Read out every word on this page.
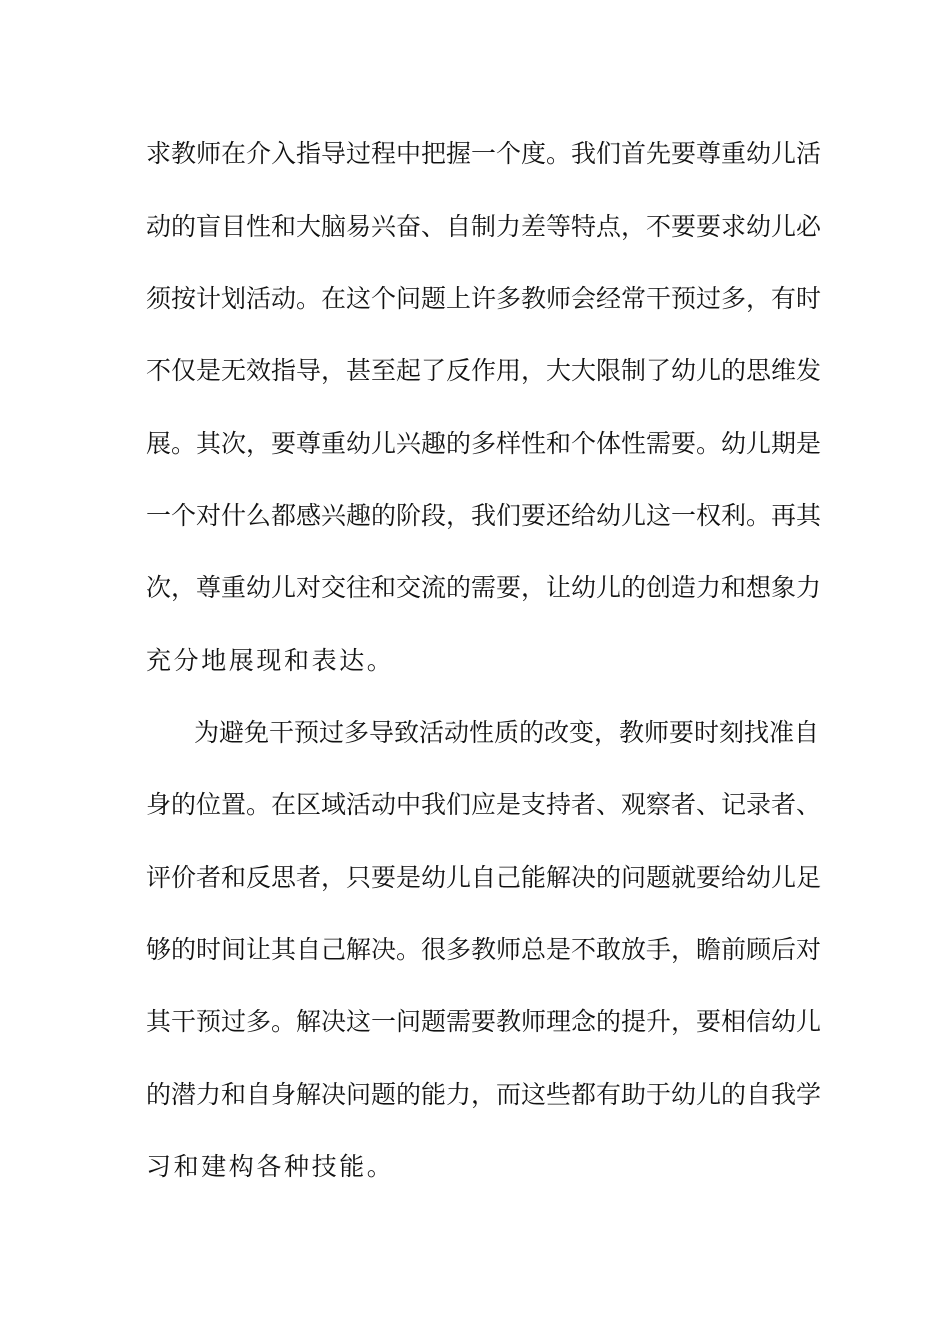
求教师在介入指导过程中把握一个度。我们首先要尊重幼儿活
动的盲目性和大脑易兴奋、自制力差等特点，不要要求幼儿必
须按计划活动。在这个问题上许多教师会经常干预过多，有时
不仅是无效指导，甚至起了反作用，大大限制了幼儿的思维发
展。其次，要尊重幼儿兴趣的多样性和个体性需要。幼儿期是
一个对什么都感兴趣的阶段，我们要还给幼儿这一权利。再其
次，尊重幼儿对交往和交流的需要，让幼儿的创造力和想象力
充分地展现和表达。
为避免干预过多导致活动性质的改变，教师要时刻找准自
身的位置。在区域活动中我们应是支持者、观察者、记录者、
评价者和反思者，只要是幼儿自己能解决的问题就要给幼儿足
够的时间让其自己解决。很多教师总是不敢放手，瞻前顾后对
其干预过多。解决这一问题需要教师理念的提升，要相信幼儿
的潜力和自身解决问题的能力，而这些都有助于幼儿的自我学
习和建构各种技能。
